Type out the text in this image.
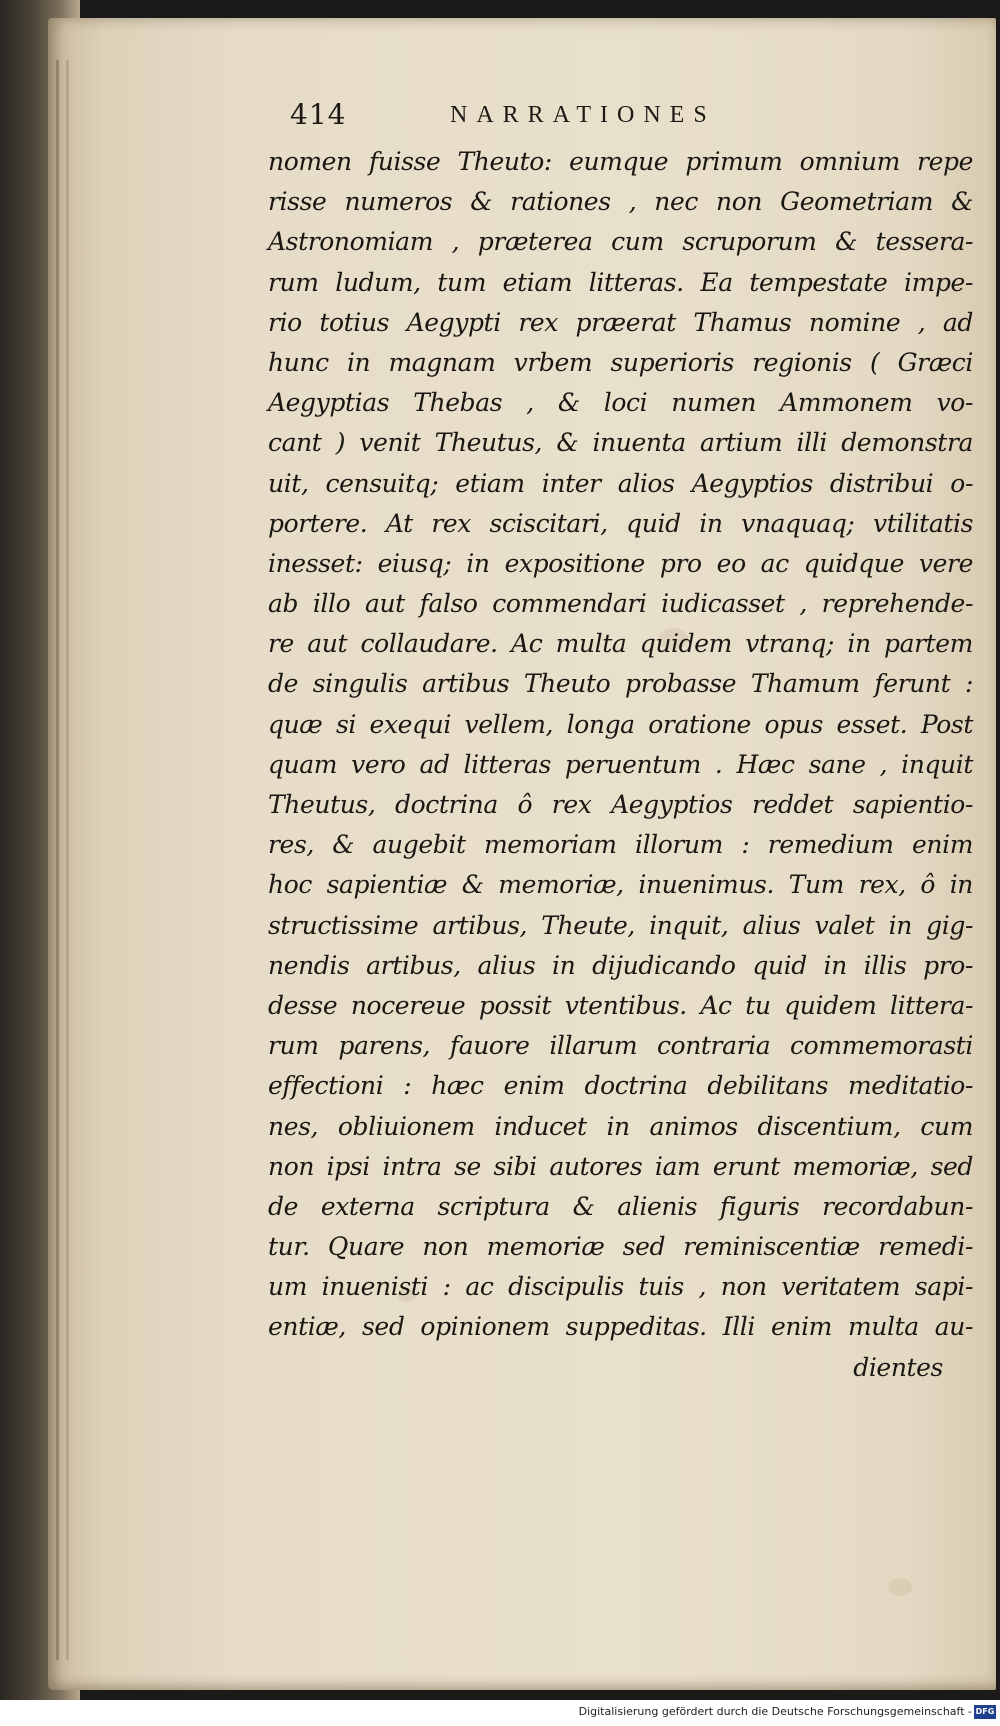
414	NARRATIONES
nomen fuisse Theuto: eumque primum omnium repe
risse numeros & rationes , nec non Geometriam &
Astronomiam , præterea cum scruporum & tessera-
rum ludum, tum etiam litteras. Ea tempestate impe-
rio totius Aegypti rex præerat Thamus nomine , ad
hunc in magnam vrbem superioris regionis ( Græci
Aegyptias Thebas , & loci numen Ammonem vo-
cant ) venit Theutus, & inuenta artium illi demonstra
uit, censuitq; etiam inter alios Aegyptios distribui o-
portere. At rex sciscitari, quid in vnaquaq; vtilitatis
inesset: eiusq; in expositione pro eo ac quidque vere
ab illo aut falso commendari iudicasset , reprehende-
re aut collaudare. Ac multa quidem vtranq; in partem
de singulis artibus Theuto probasse Thamum ferunt :
quæ si exequi vellem, longa oratione opus esset. Post
quam vero ad litteras peruentum . Hæc sane , inquit
Theutus, doctrina ô rex Aegyptios reddet sapientio-
res, & augebit memoriam illorum : remedium enim
hoc sapientiæ & memoriæ, inuenimus. Tum rex, ô in
structissime artibus, Theute, inquit, alius valet in gig-
nendis artibus, alius in dijudicando quid in illis pro-
desse nocereue possit vtentibus. Ac tu quidem littera-
rum parens, fauore illarum contraria commemorasti
effectioni : hæc enim doctrina debilitans meditatio-
nes, obliuionem inducet in animos discentium, cum
non ipsi intra se sibi autores iam erunt memoriæ, sed
de externa scriptura & alienis figuris recordabun-
tur. Quare non memoriæ sed reminiscentiæ remedi-
um inuenisti : ac discipulis tuis , non veritatem sapi-
entiæ, sed opinionem suppeditas. Illi enim multa au-
dientes
Digitalisierung gefördert durch die Deutsche Forschungsgemeinschaft - DFG
